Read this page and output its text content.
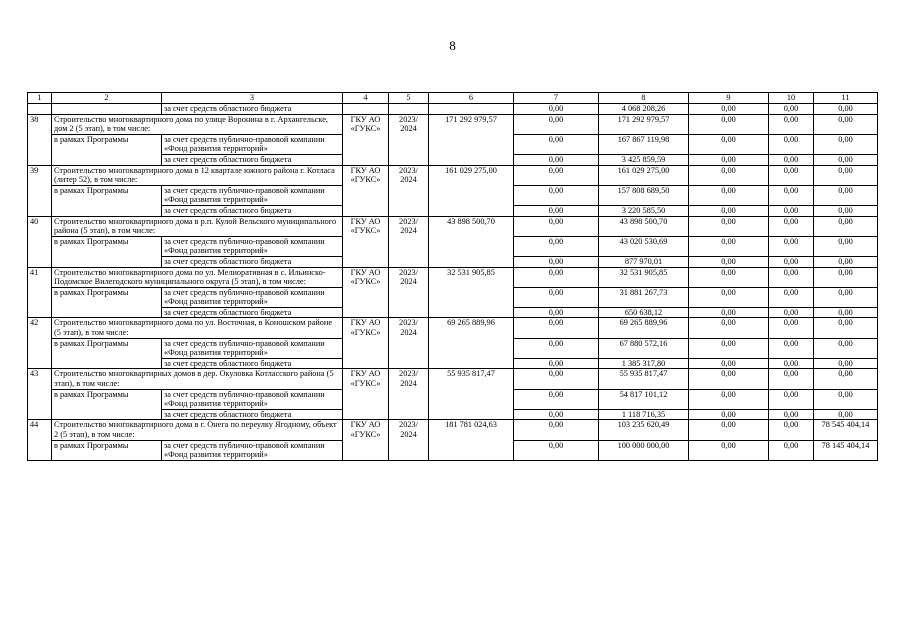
8
1	2	3	4	5	6	7	8	9	10	11
		за счет средств областного бюджета				0,00	4 068 208,26	0,00	0,00	0,00
38	Строительство многоквартирного дома по улице Воронина в г. Архангельске, дом 2 (5 этап), в том числе:		ГКУ АО «ГУКС»	2023/ 2024	171 292 979,57	0,00	171 292 979,57	0,00	0,00	0,00
	в рамках Программы	за счет средств публично-правовой компании «Фонд развития территорий»				0,00	167 867 119,98	0,00	0,00	0,00
		за счет средств областного бюджета				0,00	3 425 859,59	0,00	0,00	0,00
39	Строительство многоквартирного дома в 12 квартале южного района г. Котласа (литер 52), в том числе:		ГКУ АО «ГУКС»	2023/ 2024	161 029 275,00	0,00	161 029 275,00	0,00	0,00	0,00
	в рамках Программы	за счет средств публично-правовой компании «Фонд развития территорий»				0,00	157 808 689,50	0,00	0,00	0,00
		за счет средств областного бюджета				0,00	3 220 585,50	0,00	0,00	0,00
40	Строительство многоквартирного дома в р.п. Кулой Вельского муниципального района (5 этап), в том числе:		ГКУ АО «ГУКС»	2023/ 2024	43 898 500,70	0,00	43 898 500,70	0,00	0,00	0,00
	в рамках Программы	за счет средств публично-правовой компании «Фонд развития территорий»				0,00	43 020 530,69	0,00	0,00	0,00
		за счет средств областного бюджета				0,00	877 970,01	0,00	0,00	0,00
41	Строительство многоквартирного дома по ул. Мелиоративная в с. Ильинско-Подомское Вилегодского муниципального округа (5 этап), в том числе:		ГКУ АО «ГУКС»	2023/ 2024	32 531 905,85	0,00	32 531 905,85	0,00	0,00	0,00
	в рамках Программы	за счет средств публично-правовой компании «Фонд развития территорий»				0,00	31 881 267,73	0,00	0,00	0,00
		за счет средств областного бюджета				0,00	650 638,12	0,00	0,00	0,00
42	Строительство многоквартирного дома по ул. Восточная, в Коношском районе (5 этап), в том числе:		ГКУ АО «ГУКС»	2023/ 2024	69 265 889,96	0,00	69 265 889,96	0,00	0,00	0,00
	в рамках Программы	за счет средств публично-правовой компании «Фонд развития территорий»				0,00	67 880 572,16	0,00	0,00	0,00
		за счет средств областного бюджета				0,00	1 385 317,80	0,00	0,00	0,00
43	Строительство многоквартирных домов в дер. Окуловка Котласского района (5 этап), в том числе:		ГКУ АО «ГУКС»	2023/ 2024	55 935 817,47	0,00	55 935 817,47	0,00	0,00	0,00
	в рамках Программы	за счет средств публично-правовой компании «Фонд развития территорий»				0,00	54 817 101,12	0,00	0,00	0,00
		за счет средств областного бюджета				0,00	1 118 716,35	0,00	0,00	0,00
44	Строительство многоквартирного дома в г. Онега по переулку Ягодному, объект 2 (5 этап), в том числе:		ГКУ АО «ГУКС»	2023/ 2024	181 781 024,63	0,00	103 235 620,49	0,00	0,00	78 545 404,14
	в рамках Программы	за счет средств публично-правовой компании «Фонд развития территорий»				0,00	100 000 000,00	0,00	0,00	78 145 404,14
